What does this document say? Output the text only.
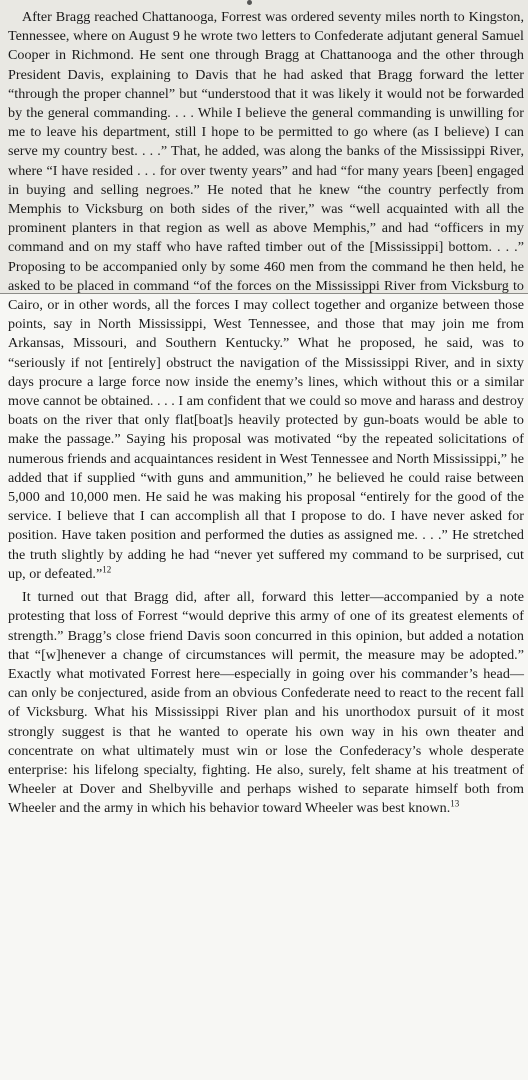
After Bragg reached Chattanooga, Forrest was ordered seventy miles north to Kingston, Tennessee, where on August 9 he wrote two letters to Confederate adjutant general Samuel Cooper in Richmond. He sent one through Bragg at Chattanooga and the other through President Davis, explaining to Davis that he had asked that Bragg forward the letter “through the proper channel” but “understood that it was likely it would not be forwarded by the general commanding. . . . While I believe the general commanding is unwilling for me to leave his department, still I hope to be permitted to go where (as I believe) I can serve my country best. . . .” That, he added, was along the banks of the Mississippi River, where “I have resided . . . for over twenty years” and had “for many years [been] engaged in buying and selling negroes.” He noted that he knew “the country perfectly from Memphis to Vicksburg on both sides of the river,” was “well acquainted with all the prominent planters in that region as well as above Memphis,” and had “officers in my command and on my staff who have rafted timber out of the [Mississippi] bottom. . . .” Proposing to be accompanied only by some 460 men from the command he then held, he asked to be placed in command “of the forces on the Mississippi River from Vicksburg to Cairo, or in other words, all the forces I may collect together and organize between those points, say in North Mississippi, West Tennessee, and those that may join me from Arkansas, Missouri, and Southern Kentucky.” What he proposed, he said, was to “seriously if not [entirely] obstruct the navigation of the Mississippi River, and in sixty days procure a large force now inside the enemy’s lines, which without this or a similar move cannot be obtained. . . . I am confident that we could so move and harass and destroy boats on the river that only flat[boat]s heavily protected by gun-boats would be able to make the passage.” Saying his proposal was motivated “by the repeated solicitations of numerous friends and acquaintances resident in West Tennessee and North Mississippi,” he added that if supplied “with guns and ammunition,” he believed he could raise between 5,000 and 10,000 men. He said he was making his proposal “entirely for the good of the service. I believe that I can accomplish all that I propose to do. I have never asked for position. Have taken position and performed the duties as assigned me. . . .” He stretched the truth slightly by adding he had “never yet suffered my command to be surprised, cut up, or defeated.”$^{12}$

It turned out that Bragg did, after all, forward this letter—accompanied by a note protesting that loss of Forrest “would deprive this army of one of its greatest elements of strength.” Bragg’s close friend Davis soon concurred in this opinion, but added a notation that “[w]henever a change of circumstances will permit, the measure may be adopted.” Exactly what motivated Forrest here—especially in going over his commander’s head—can only be conjectured, aside from an obvious Confederate need to react to the recent fall of Vicksburg. What his Mississippi River plan and his unorthodox pursuit of it most strongly suggest is that he wanted to operate his own way in his own theater and concentrate on what ultimately must win or lose the Confederacy’s whole desperate enterprise: his lifelong specialty, fighting. He also, surely, felt shame at his treatment of Wheeler at Dover and Shelbyville and perhaps wished to separate himself both from Wheeler and the army in which his behavior toward Wheeler was best known.$^{13}$
